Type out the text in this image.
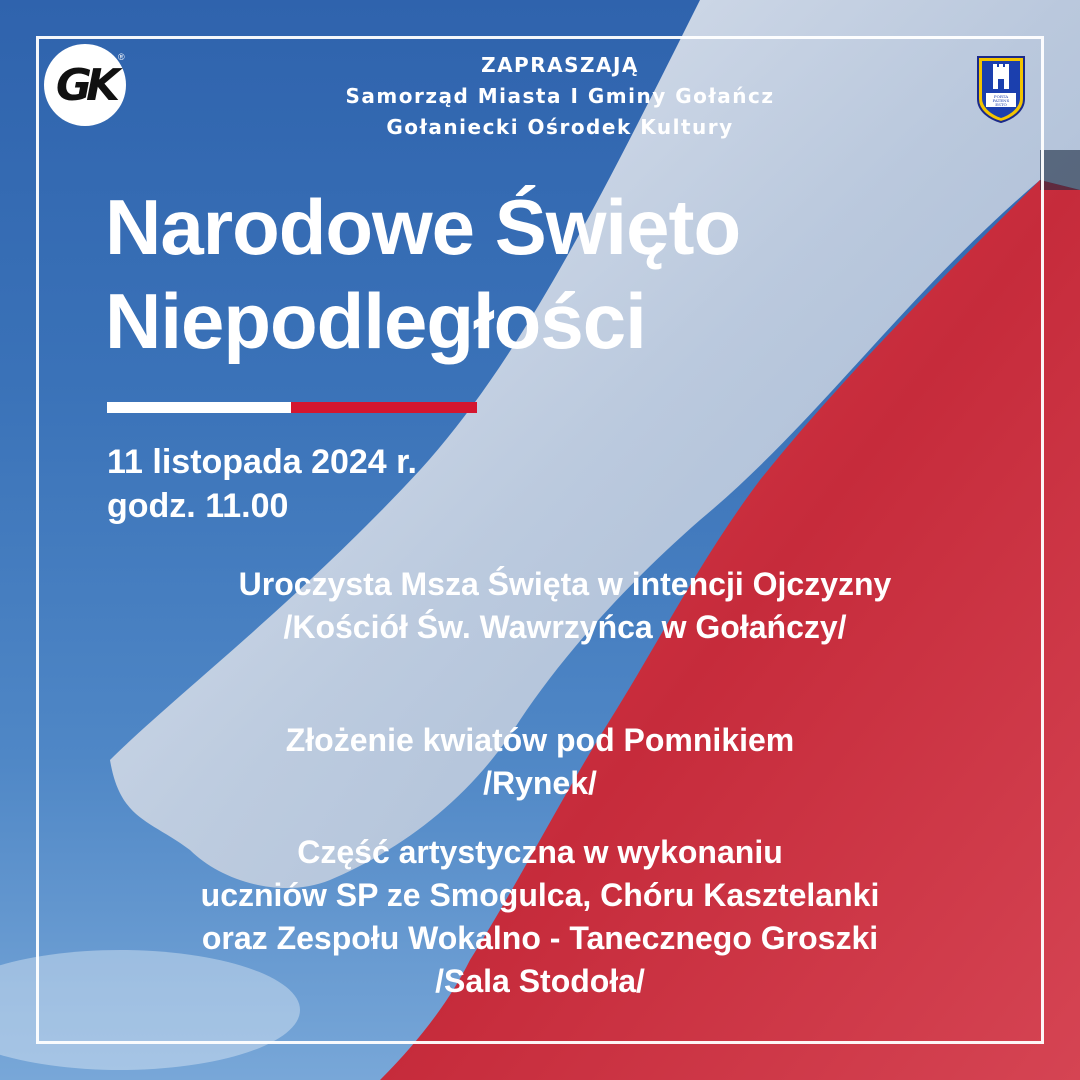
GK
®
PORTA
PATENS
ESTO
ZAPRASZAJĄ
Samorząd Miasta I Gminy Gołańcz
Gołaniecki Ośrodek Kultury
Narodowe Święto
Niepodległości
11 listopada 2024 r.
godz. 11.00
Uroczysta Msza Święta w intencji Ojczyzny
/Kościół Św. Wawrzyńca w Gołańczy/
Złożenie kwiatów pod Pomnikiem
/Rynek/
Część artystyczna w wykonaniu
uczniów SP ze Smogulca, Chóru Kasztelanki
oraz Zespołu Wokalno - Tanecznego Groszki
/Sala Stodoła/
